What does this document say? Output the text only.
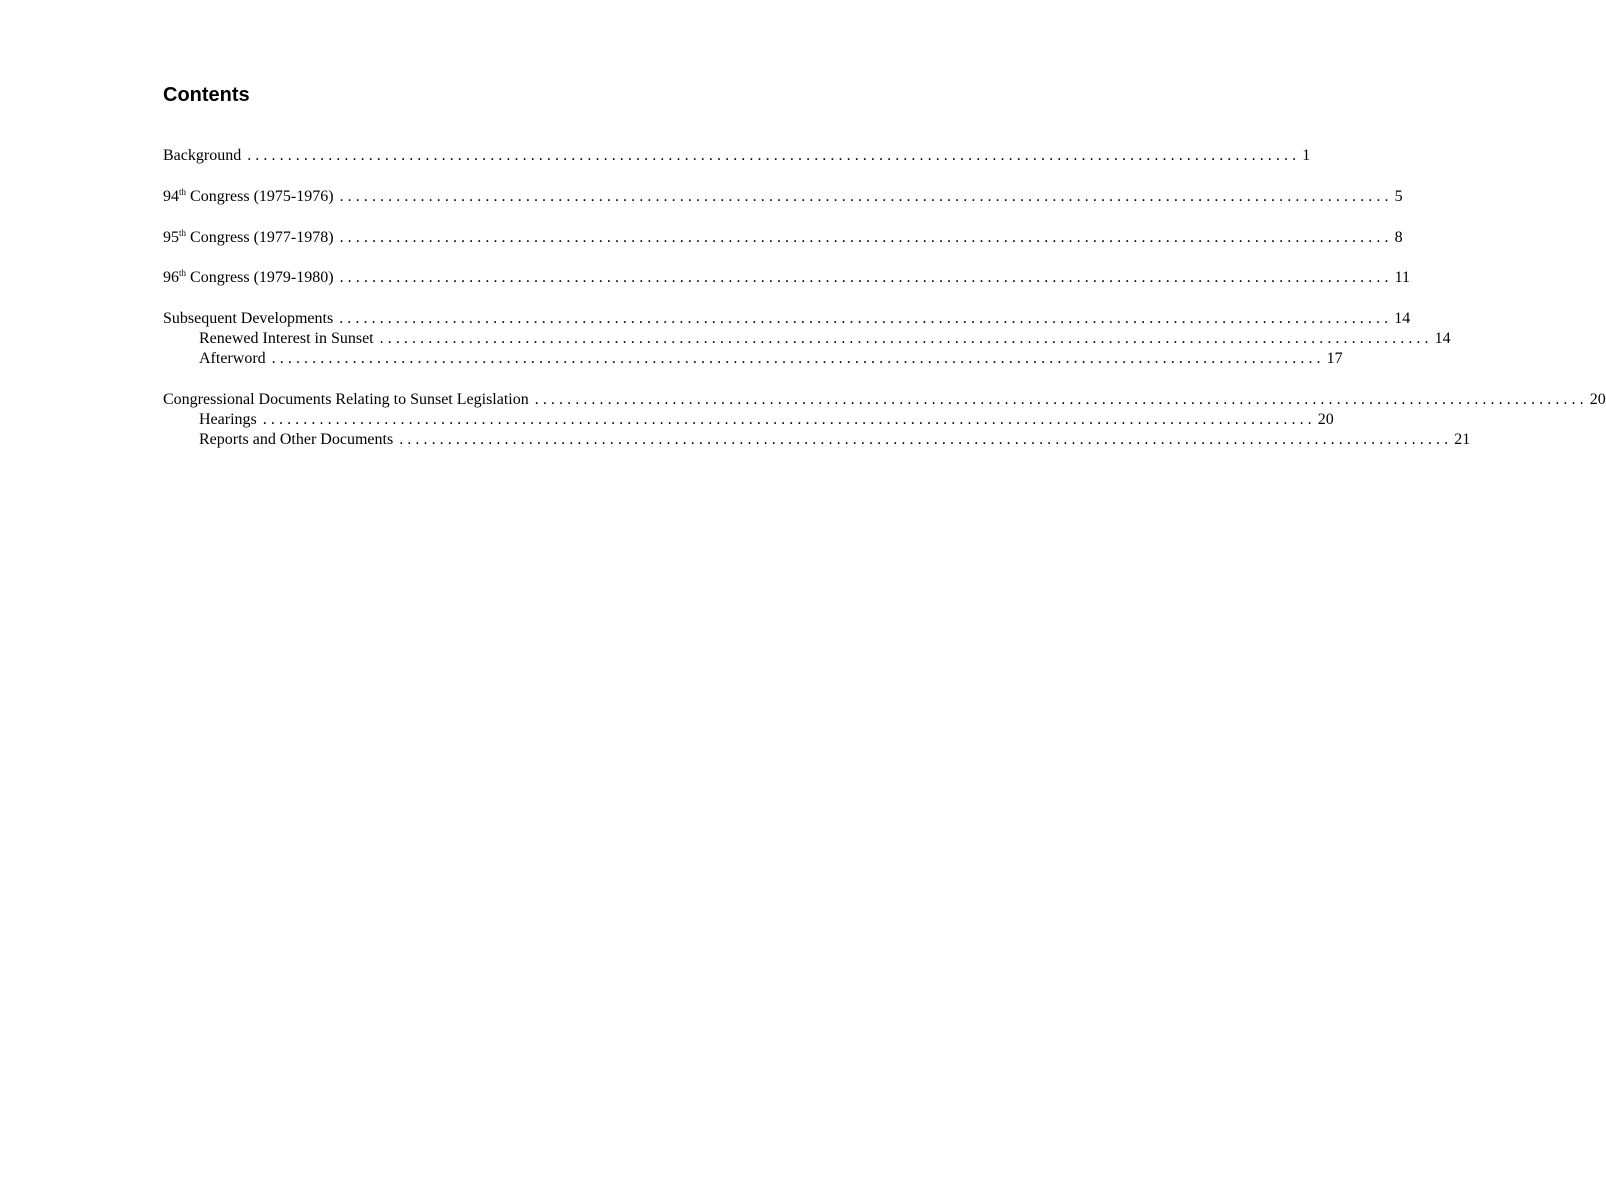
Contents
Background .................................................................................................................................. 1
94th Congress (1975-1976) .................................................................................................................................. 5
95th Congress (1977-1978) .................................................................................................................................. 8
96th Congress (1979-1980) .................................................................................................................................. 11
Subsequent Developments .................................................................................................................................. 14
Renewed Interest in Sunset .................................................................................................................................. 14
Afterword .................................................................................................................................. 17
Congressional Documents Relating to Sunset Legislation .................................................................................................................................. 20
Hearings .................................................................................................................................. 20
Reports and Other Documents .................................................................................................................................. 21
